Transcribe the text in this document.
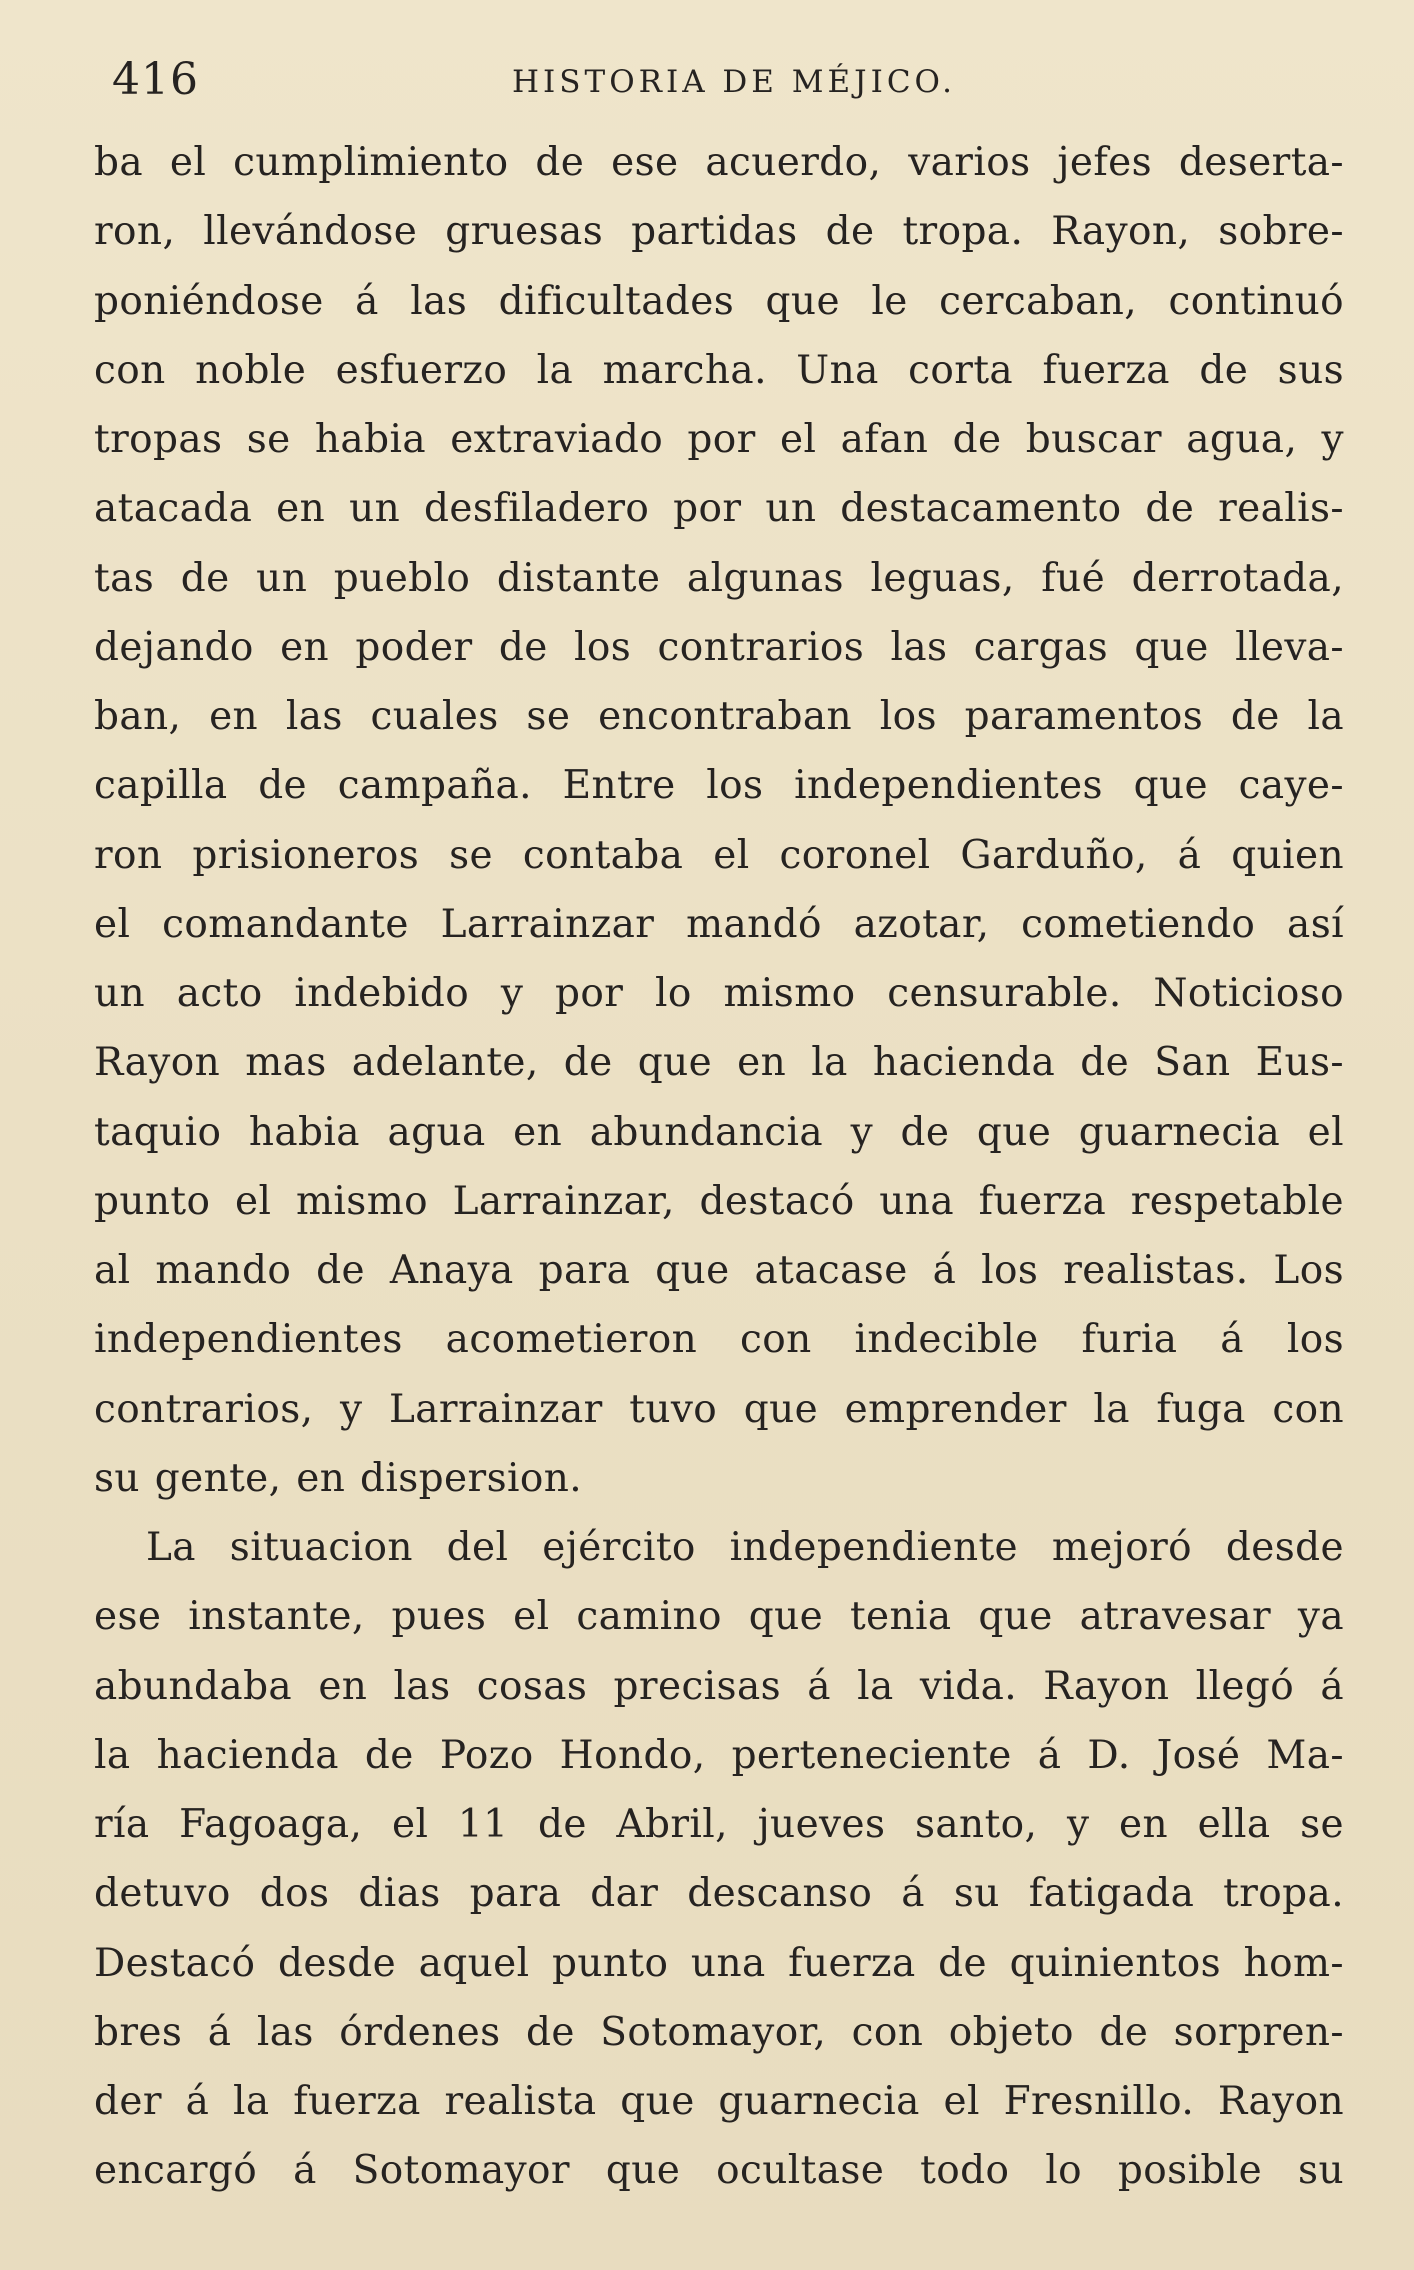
416	HISTORIA DE MÉJICO.
ba el cumplimiento de ese acuerdo, varios jefes deserta-
ron, llevándose gruesas partidas de tropa. Rayon, sobre-
poniéndose á las dificultades que le cercaban, continuó
con noble esfuerzo la marcha. Una corta fuerza de sus
tropas se habia extraviado por el afan de buscar agua, y
atacada en un desfiladero por un destacamento de realis-
tas de un pueblo distante algunas leguas, fué derrotada,
dejando en poder de los contrarios las cargas que lleva-
ban, en las cuales se encontraban los paramentos de la
capilla de campaña. Entre los independientes que caye-
ron prisioneros se contaba el coronel Garduño, á quien
el comandante Larrainzar mandó azotar, cometiendo así
un acto indebido y por lo mismo censurable. Noticioso
Rayon mas adelante, de que en la hacienda de San Eus-
taquio habia agua en abundancia y de que guarnecia el
punto el mismo Larrainzar, destacó una fuerza respetable
al mando de Anaya para que atacase á los realistas. Los
independientes acometieron con indecible furia á los
contrarios, y Larrainzar tuvo que emprender la fuga con
su gente, en dispersion.
La situacion del ejército independiente mejoró desde
ese instante, pues el camino que tenia que atravesar ya
abundaba en las cosas precisas á la vida. Rayon llegó á
la hacienda de Pozo Hondo, perteneciente á D. José Ma-
ría Fagoaga, el 11 de Abril, jueves santo, y en ella se
detuvo dos dias para dar descanso á su fatigada tropa.
Destacó desde aquel punto una fuerza de quinientos hom-
bres á las órdenes de Sotomayor, con objeto de sorpren-
der á la fuerza realista que guarnecia el Fresnillo. Rayon
encargó á Sotomayor que ocultase todo lo posible su
